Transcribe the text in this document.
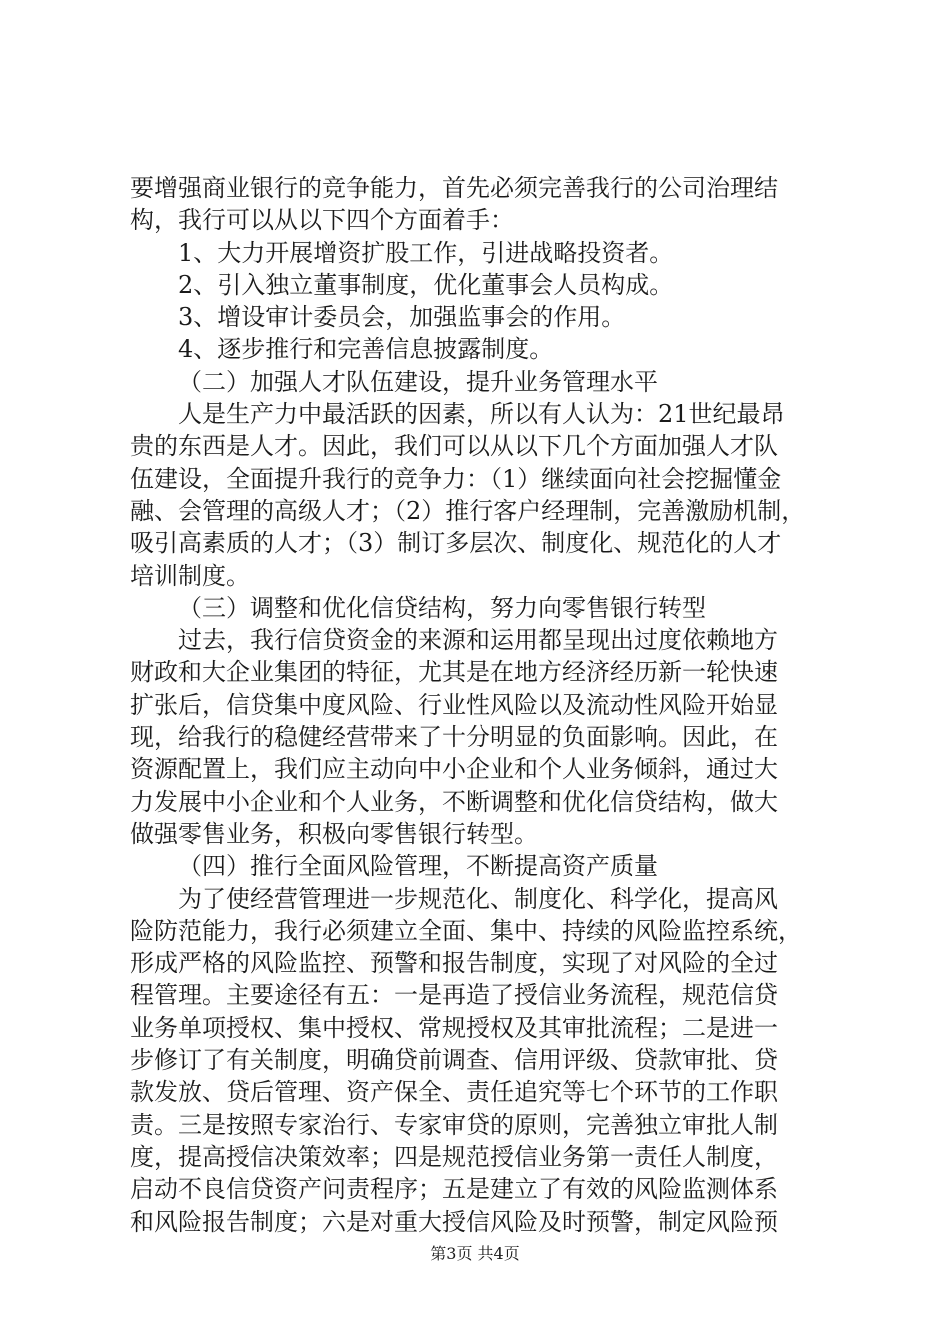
要增强商业银行的竞争能力，首先必须完善我行的公司治理结
构，我行可以从以下四个方面着手：
1、大力开展增资扩股工作，引进战略投资者。
2、引入独立董事制度，优化董事会人员构成。
3、增设审计委员会，加强监事会的作用。
4、逐步推行和完善信息披露制度。
（二）加强人才队伍建设，提升业务管理水平
人是生产力中最活跃的因素，所以有人认为：21世纪最昂
贵的东西是人才。因此，我们可以从以下几个方面加强人才队
伍建设，全面提升我行的竞争力：（1）继续面向社会挖掘懂金
融、会管理的高级人才；（2）推行客户经理制，完善激励机制，
吸引高素质的人才；（3）制订多层次、制度化、规范化的人才
培训制度。
（三）调整和优化信贷结构，努力向零售银行转型
过去，我行信贷资金的来源和运用都呈现出过度依赖地方
财政和大企业集团的特征，尤其是在地方经济经历新一轮快速
扩张后，信贷集中度风险、行业性风险以及流动性风险开始显
现，给我行的稳健经营带来了十分明显的负面影响。因此，在
资源配置上，我们应主动向中小企业和个人业务倾斜，通过大
力发展中小企业和个人业务，不断调整和优化信贷结构，做大
做强零售业务，积极向零售银行转型。
（四）推行全面风险管理，不断提高资产质量
为了使经营管理进一步规范化、制度化、科学化，提高风
险防范能力，我行必须建立全面、集中、持续的风险监控系统，
形成严格的风险监控、预警和报告制度，实现了对风险的全过
程管理。主要途径有五：一是再造了授信业务流程，规范信贷
业务单项授权、集中授权、常规授权及其审批流程；二是进一
步修订了有关制度，明确贷前调查、信用评级、贷款审批、贷
款发放、贷后管理、资产保全、责任追究等七个环节的工作职
责。三是按照专家治行、专家审贷的原则，完善独立审批人制
度，提高授信决策效率；四是规范授信业务第一责任人制度，
启动不良信贷资产问责程序；五是建立了有效的风险监测体系
和风险报告制度；六是对重大授信风险及时预警，制定风险预
第3页 共4页
